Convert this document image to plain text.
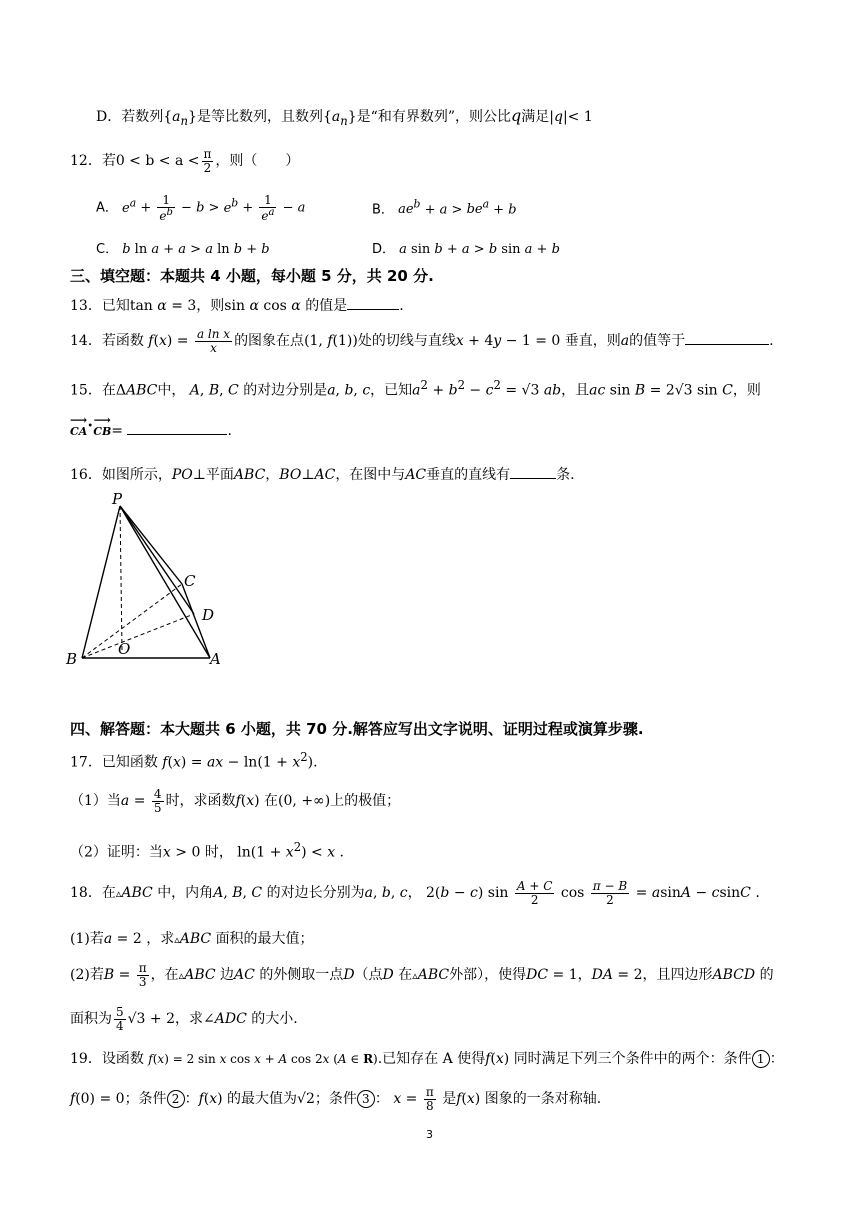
D．若数列$\{a_n\}$是等比数列，且数列$\{a_n\}$是“和有界数列”，则公比q满足|q|< 1
12．若$0 < b < a < \frac{\pi}{2}$ ，则（　　）
A． $e^a + \frac{1}{e^b} - b > e^b + \frac{1}{e^a} - a$	B． $ae^b + a > be^a + b$
C． b ln a + a > a ln b + b	D． a sin b + a > b sin a + b
三、填空题：本题共 4 小题，每小题 5 分，共 20 分.
13．已知tan α = 3，则sin α cos α 的值是	.
14．若函数 $f(x) = \frac{\text{a ln x}}{x}$ 的图象在点(1, f(1))处的切线与直线x + 4y − 1 = 0 垂直，则a的值等于	.
15．在ΔABC中， A, B, C 的对边分别是a, b, c，已知$a^2 + b^2 - c^2 = √3$ ab，且ac sin B = 2√3 sin C，则
⟶
CA• ⟶
CB=	.
16．如图所示，PO⊥平面ABC，BO⊥AC，在图中与AC垂直的直线有	条.
P
C
D
O
B	A
四、解答题：本大题共 6 小题，共 70 分.解答应写出文字说明、证明过程或演算步骤.
17．已知函数 f(x) = ax − $\ln(1 + x^2)$.
（1）当$a = \frac{4}{5}$ 时，求函数f(x) 在(0, +∞)上的极值；
（2）证明：当x > 0 时， $\ln(1 + x^2) < x$ .
18．在▵ABC 中，内角A, B, C 的对边长分别为a, b, c， 2(b − c) $\sin \frac{A + C}{2}$ $\cos \frac{\pi - B}{2} = asinA - csinC$ .
(1)若a = 2 ，求▵ABC 面积的最大值；
(2)若$B = \frac{\pi}{3}$ ，在▵ABC 边AC 的外侧取一点D（点D 在▵ABC外部），使得DC = 1，DA = 2，且四边形ABCD 的
面积为 $\frac{5}{4} √3 + 2$，求∠ADC 的大小.
19．设函数 f(x) = 2 sin x cos x + A cos 2x (A ∈ R).已知存在 A 使得f(x) 同时满足下列三个条件中的两个：条件 1 ：
f(0) = 0；条件 2 ：f(x) 的最大值为√2；条件 3 ： $x = \frac{\pi}{8}$ 是f(x) 图象的一条对称轴.
3
